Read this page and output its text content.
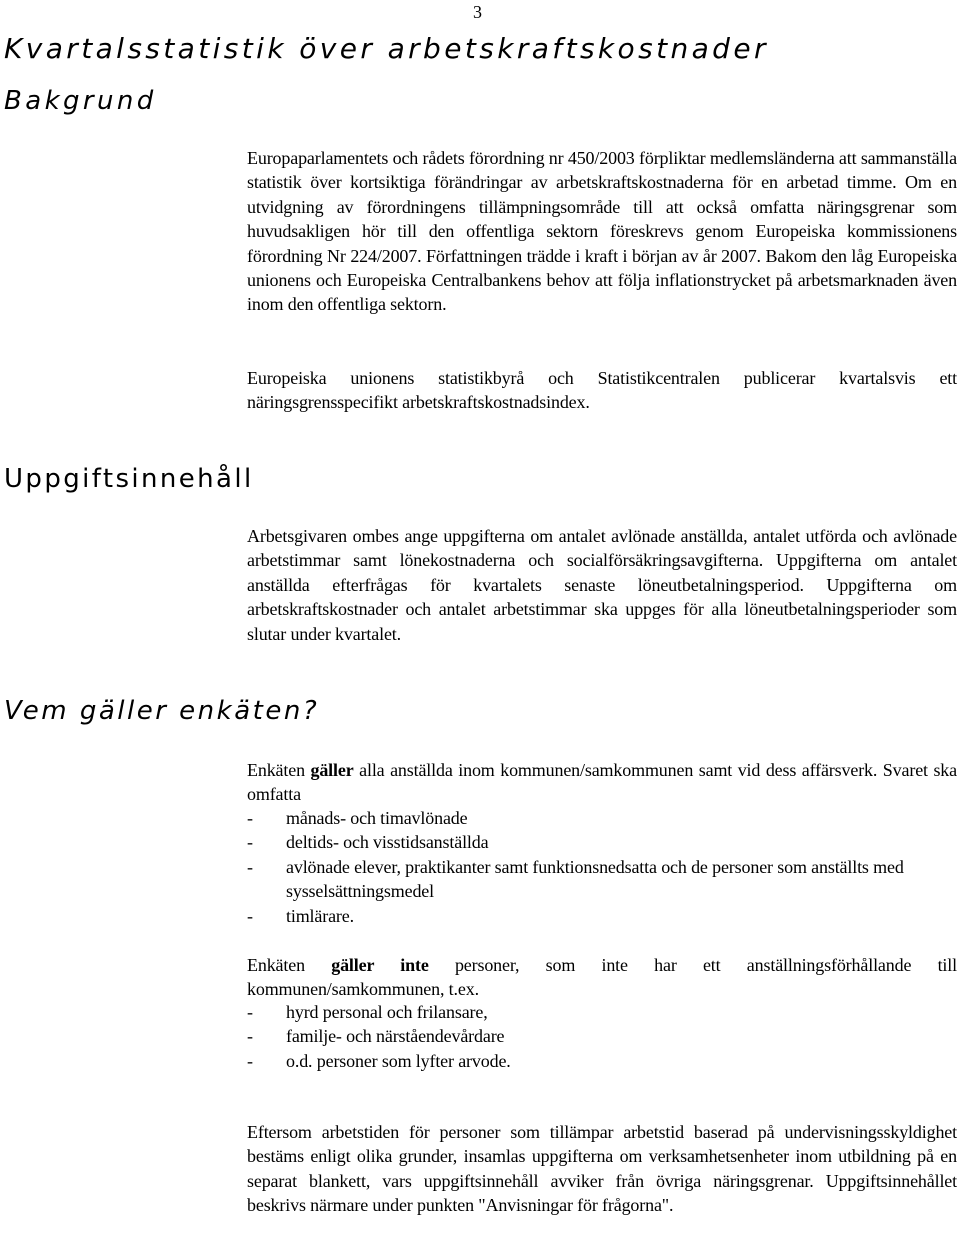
3
Kvartalsstatistik över arbetskraftskostnader
Bakgrund

Europaparlamentets och rådets förordning nr 450/2003 förpliktar medlemsländerna att sammanställa statistik över kortsiktiga förändringar av arbetskraftskostnaderna för en arbetad timme. Om en utvidgning av förordningens tillämpningsområde till att också omfatta näringsgrenar som huvudsakligen hör till den offentliga sektorn föreskrevs genom Europeiska kommissionens förordning Nr 224/2007. Författningen trädde i kraft i början av år 2007. Bakom den låg Europeiska unionens och Europeiska Centralbankens behov att följa inflationstrycket på arbetsmarknaden även inom den offentliga sektorn.

Europeiska unionens statistikbyrå och Statistikcentralen publicerar kvartalsvis ett näringsgrensspecifikt arbetskraftskostnadsindex.

Uppgiftsinnehåll

Arbetsgivaren ombes ange uppgifterna om antalet avlönade anställda, antalet utförda och avlönade arbetstimmar samt lönekostnaderna och socialförsäkringsavgifterna. Uppgifterna om antalet anställda efterfrågas för kvartalets senaste löneutbetalningsperiod. Uppgifterna om arbetskraftskostnader och antalet arbetstimmar ska uppges för alla löneutbetalningsperioder som slutar under kvartalet.

Vem gäller enkäten?

Enkäten gäller alla anställda inom kommunen/samkommunen samt vid dess affärsverk. Svaret ska omfatta

- månads- och timavlönade
- deltids- och visstidsanställda
- avlönade elever, praktikanter samt funktionsnedsatta och de personer som anställts med sysselsättningsmedel
- timlärare.

Enkäten gäller inte personer, som inte har ett anställningsförhållande till kommunen/samkommunen, t.ex.

- hyrd personal och frilansare,
- familje- och närståendevårdare
- o.d. personer som lyfter arvode.

Eftersom arbetstiden för personer som tillämpar arbetstid baserad på undervisningsskyldighet bestäms enligt olika grunder, insamlas uppgifterna om verksamhetsenheter inom utbildning på en separat blankett, vars uppgiftsinnehåll avviker från övriga näringsgrenar. Uppgiftsinnehållet beskrivs närmare under punkten "Anvisningar för frågorna".
